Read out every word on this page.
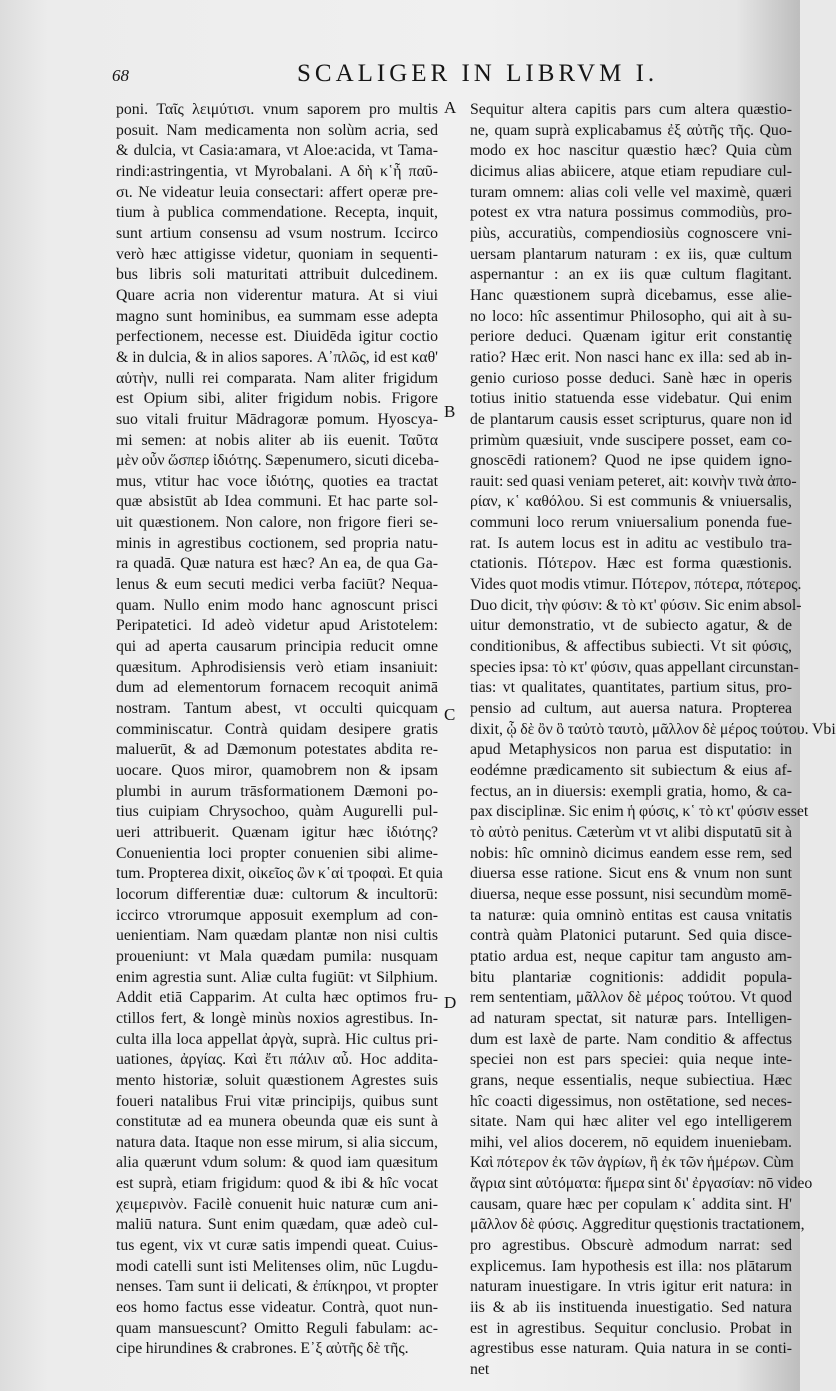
68	SCALIGER IN LIBRVM I.
poni. Ταῖς λειμύτισι. vnum saporem pro multis
posuit. Nam medicamenta non solùm acria, sed
& dulcia, vt Casia:amara, vt Aloe:acida, vt Tama-
rindi:astringentia, vt Myrobalani. Α δὴ κ῾ἦ παῦ-
σι. Ne videatur leuia consectari: affert operæ pre-
tium à publica commendatione. Recepta, inquit,
sunt artium consensu ad vsum nostrum. Iccirco
verò hæc attigisse videtur, quoniam in sequenti-
bus libris soli maturitati attribuit dulcedinem.
Quare acria non viderentur matura. At si viui
magno sunt hominibus, ea summam esse adepta
perfectionem, necesse est. Diuidēda igitur coctio
& in dulcia, & in alios sapores. Α᾿πλῶς, id est καθ'
αὑτὴν, nulli rei comparata. Nam aliter frigidum
est Opium sibi, aliter frigidum nobis. Frigore
suo vitali fruitur Mādragoræ pomum. Hyoscya-
mi semen: at nobis aliter ab iis euenit. Ταῦτα
μὲν οὖν ὥσπερ ἰδιότης. Sæpenumero, sicuti diceba-
mus, vtitur hac voce ἰδιότης, quoties ea tractat
quæ absistūt ab Idea communi. Et hac parte sol-
uit quæstionem. Non calore, non frigore fieri se-
minis in agrestibus coctionem, sed propria natu-
ra quadā. Quæ natura est hæc? An ea, de qua Ga-
lenus & eum secuti medici verba faciūt? Nequa-
quam. Nullo enim modo hanc agnoscunt prisci
Peripatetici. Id adeò videtur apud Aristotelem:
qui ad aperta causarum principia reducit omne
quæsitum. Aphrodisiensis verò etiam insaniuit:
dum ad elementorum fornacem recoquit animā
nostram. Tantum abest, vt occulti quicquam
comminiscatur. Contrà quidam desipere gratis
maluerūt, & ad Dæmonum potestates abdita re-
uocare. Quos miror, quamobrem non & ipsam
plumbi in aurum trāsformationem Dæmoni po-
tius cuipiam Chrysochoo, quàm Augurelli pul-
ueri attribuerit. Quænam igitur hæc ἰδιότης?
Conuenientia loci propter conuenien sibi alime-
tum. Propterea dixit, οἰκεῖος ὢν κ῾αἱ τροφαὶ. Et quia
locorum differentiæ duæ: cultorum & incultorū:
iccirco vtrorumque apposuit exemplum ad con-
uenientiam. Nam quædam plantæ non nisi cultis
proueniunt: vt Mala quædam pumila: nusquam
enim agrestia sunt. Aliæ culta fugiūt: vt Silphium.
Addit etiā Capparim. At culta hæc optimos fru-
ctillos fert, & longè minùs noxios agrestibus. In-
culta illa loca appellat ἀργὰ, suprà. Hic cultus pri-
uationes, ἀργίας. Καὶ ἔτι πάλιν αὖ. Hoc addita-
mento historiæ, soluit quæstionem Agrestes suis
foueri natalibus Frui vitæ principijs, quibus sunt
constitutæ ad ea munera obeunda quæ eis sunt à
natura data. Itaque non esse mirum, si alia siccum,
alia quærunt vdum solum: & quod iam quæsitum
est suprà, etiam frigidum: quod & ibi & hîc vocat
χειμερινὸν. Facilè conuenit huic naturæ cum ani-
maliū natura. Sunt enim quædam, quæ adeò cul-
tus egent, vix vt curæ satis impendi queat. Cuius-
modi catelli sunt isti Melitenses olim, nūc Lugdu-
nenses. Tam sunt ii delicati, & ἐπίκηροι, vt propter
eos homo factus esse videatur. Contrà, quot nun-
quam mansuescunt? Omitto Reguli fabulam: ac-
cipe hirundines & crabrones. Ε᾿ξ αὐτῆς δὲ τῆς.
Sequitur altera capitis pars cum altera quæstio-
ne, quam suprà explicabamus ἐξ αὐτῆς τῆς. Quo-
modo ex hoc nascitur quæstio hæc? Quia cùm
dicimus alias abiicere, atque etiam repudiare cul-
turam omnem: alias coli velle vel maximè, quæri
potest ex vtra natura possimus commodiùs, pro-
piùs, accuratiùs, compendiosiùs cognoscere vni-
uersam plantarum naturam : ex iis, quæ cultum
aspernantur : an ex iis quæ cultum flagitant.
Hanc quæstionem suprà dicebamus, esse alie-
no loco: hîc assentimur Philosopho, qui ait à su-
periore deduci. Quænam igitur erit constantię
ratio? Hæc erit. Non nasci hanc ex illa: sed ab in-
genio curioso posse deduci. Sanè hæc in operis
totius initio statuenda esse videbatur. Qui enim
de plantarum causis esset scripturus, quare non id
primùm quæsiuit, vnde suscipere posset, eam co-
gnoscēdi rationem? Quod ne ipse quidem igno-
rauit: sed quasi veniam peteret, ait: κοινὴν τινὰ ἀπο-
ρίαν, κ῾ καθόλου. Si est communis & vniuersalis,
communi loco rerum vniuersalium ponenda fue-
rat. Is autem locus est in aditu ac vestibulo tra-
ctationis. Πότερον. Hæc est forma quæstionis.
Vides quot modis vtimur. Πότερον, πότερα, πότερος.
Duo dicit, τὴν φύσιν: & τὸ κτ' φύσιν. Sic enim absol-
uitur demonstratio, vt de subiecto agatur, & de
conditionibus, & affectibus subiecti. Vt sit φύσις,
species ipsa: τὸ κτ' φύσιν, quas appellant circunstan-
tias: vt qualitates, quantitates, partium situs, pro-
pensio ad cultum, aut auersa natura. Propterea
dixit, ᾧ δὲ ὂν ὃ ταὐτὸ ταυτὸ, μᾶλλον δὲ μέρος τούτου. Vbi
apud Metaphysicos non parua est disputatio: in
eodémne prædicamento sit subiectum & eius af-
fectus, an in diuersis: exempli gratia, homo, & ca-
pax disciplinæ. Sic enim ἡ φύσις, κ῾ τὸ κτ' φύσιν esset
τὸ αὐτὸ penitus. Cæterùm vt vt alibi disputatū sit à
nobis: hîc omninò dicimus eandem esse rem, sed
diuersa esse ratione. Sicut ens & vnum non sunt
diuersa, neque esse possunt, nisi secundùm momē-
ta naturæ: quia omninò entitas est causa vnitatis
contrà quàm Platonici putarunt. Sed quia disce-
ptatio ardua est, neque capitur tam angusto am-
bitu plantariæ cognitionis: addidit popula-
rem sententiam, μᾶλλον δὲ μέρος τούτου. Vt quod
ad naturam spectat, sit naturæ pars. Intelligen-
dum est laxè de parte. Nam conditio & affectus
speciei non est pars speciei: quia neque inte-
grans, neque essentialis, neque subiectiua. Hæc
hîc coacti digessimus, non ostētatione, sed neces-
sitate. Nam qui hæc aliter vel ego intelligerem
mihi, vel alios docerem, nō equidem inueniebam.
Καὶ πότερον ἐκ τῶν ἀγρίων, ἢ ἐκ τῶν ἡμέρων. Cùm
ἄγρια sint αὐτόματα: ἥμερα sint δι' ἐργασίαν: nō video
causam, quare hæc per copulam κ῾ addita sint. Η'
μᾶλλον δὲ φύσις. Aggreditur quęstionis tractationem,
pro agrestibus. Obscurè admodum narrat: sed
explicemus. Iam hypothesis est illa: nos plātarum
naturam inuestigare. In vtris igitur erit natura: in
iis & ab iis instituenda inuestigatio. Sed natura
est in agrestibus. Sequitur conclusio. Probat in
agrestibus esse naturam. Quia natura in se conti-
net
A
B
C
D
